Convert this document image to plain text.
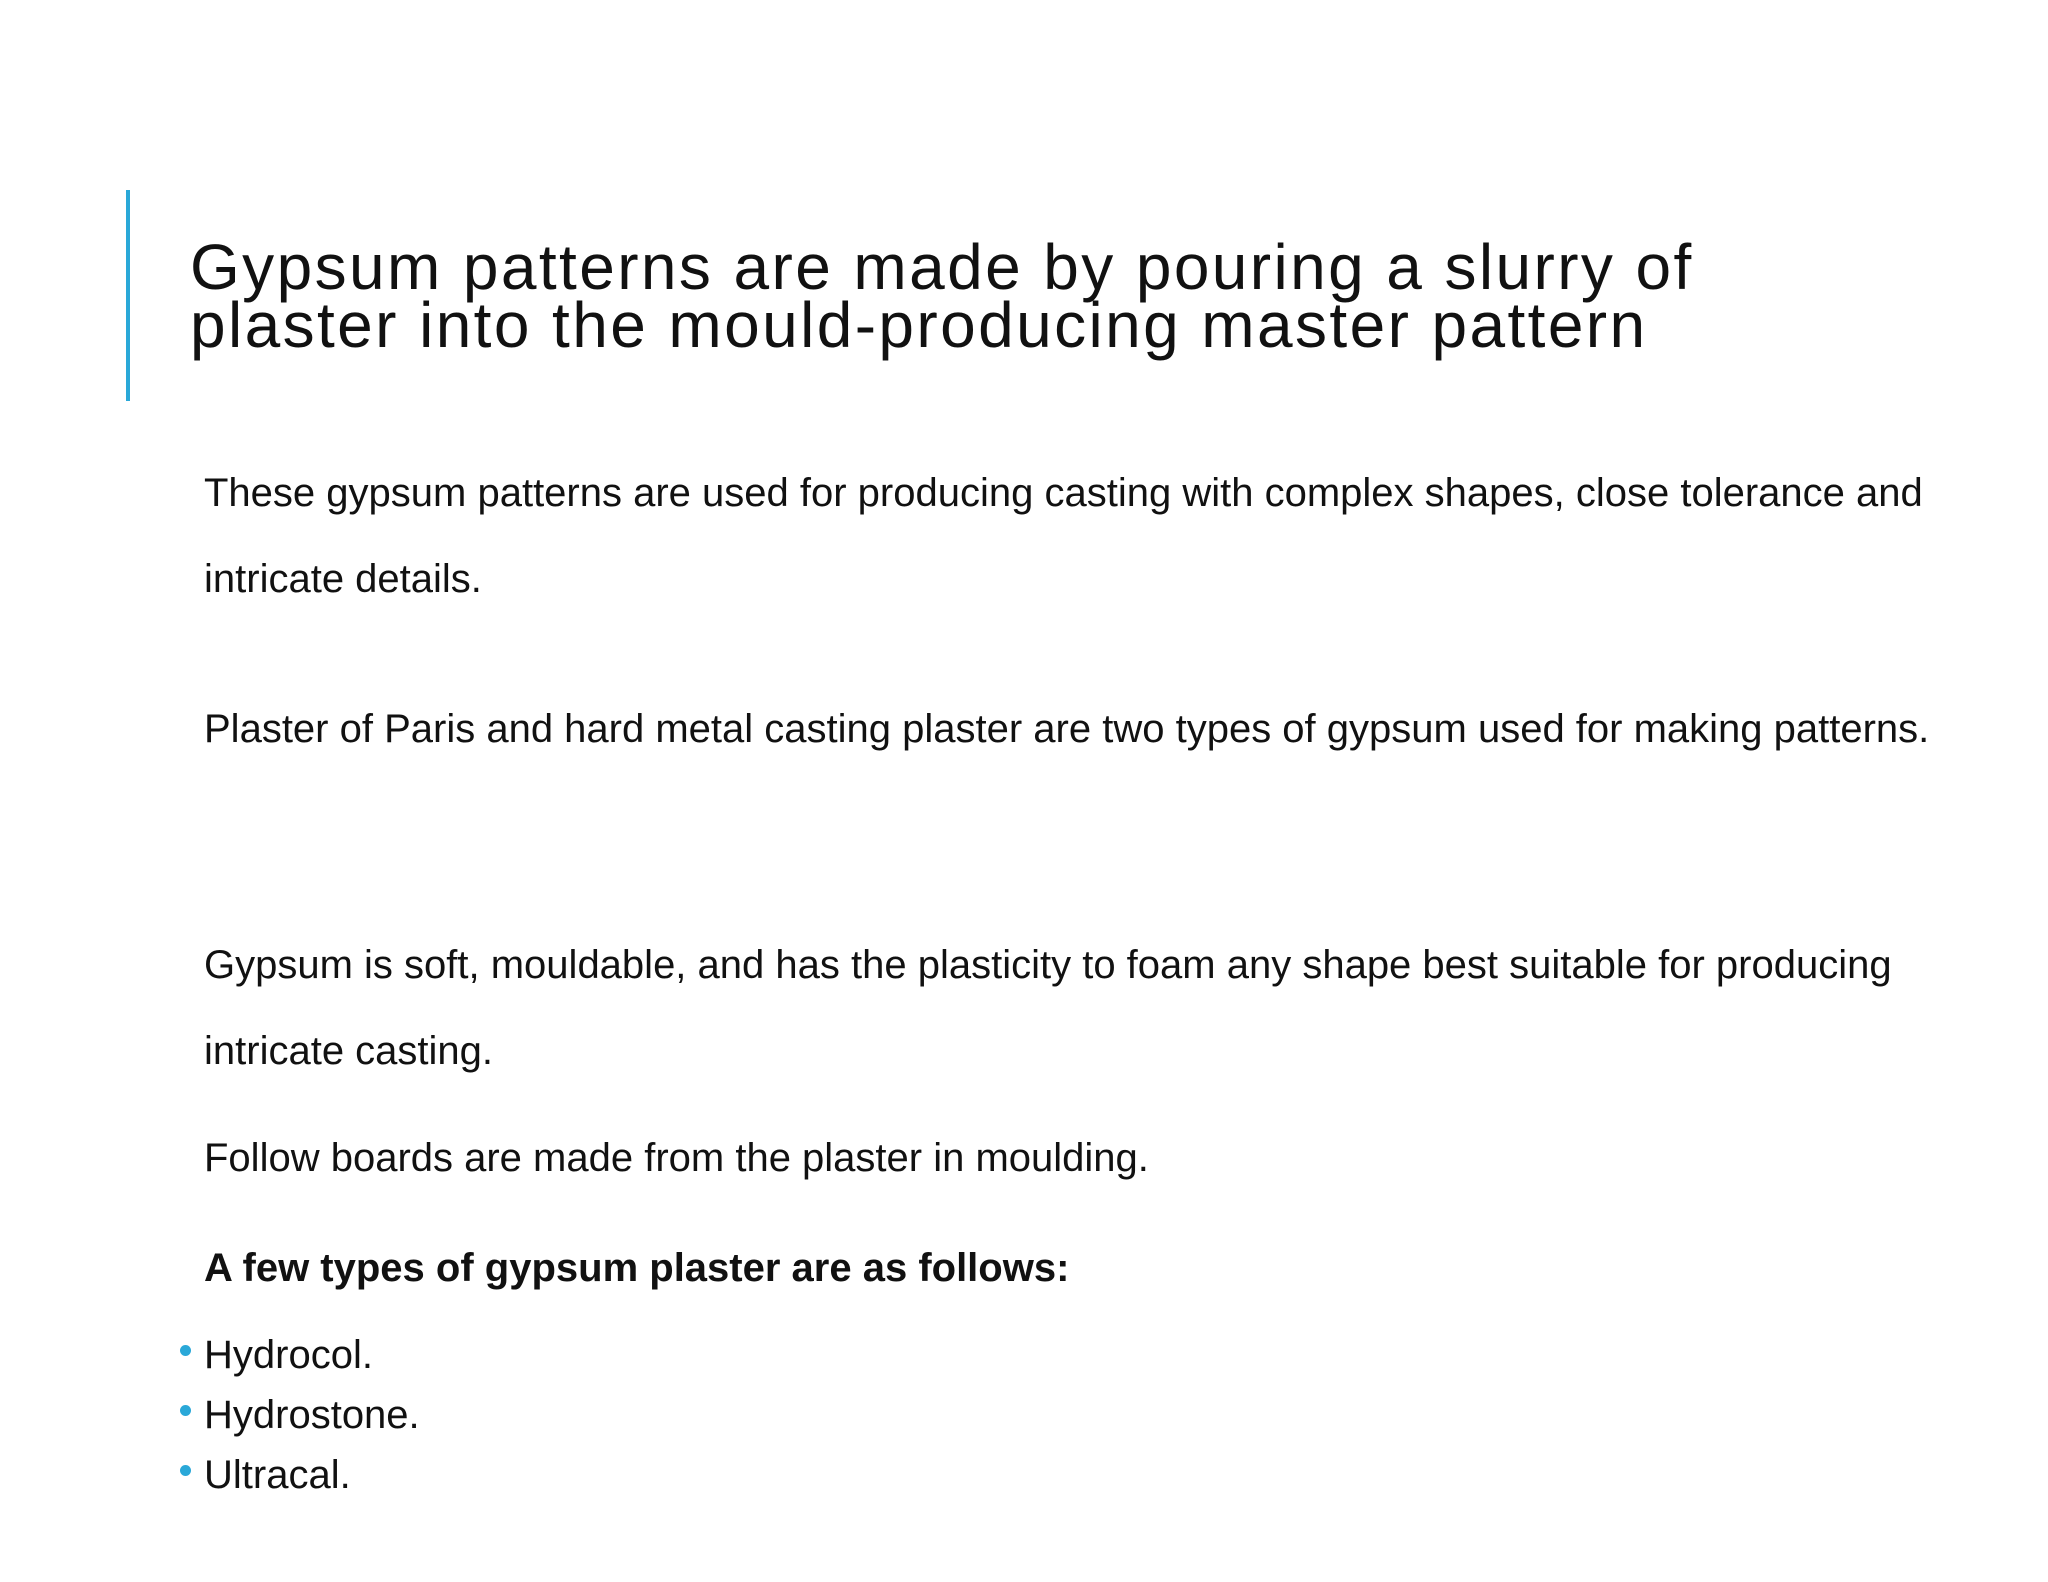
Gypsum patterns are made by pouring a slurry of
plaster into the mould-producing master pattern

These gypsum patterns are used for producing casting with complex shapes, close tolerance and intricate details.

Plaster of Paris and hard metal casting plaster are two types of gypsum used for making patterns.

Gypsum is soft, mouldable, and has the plasticity to foam any shape best suitable for producing intricate casting.

Follow boards are made from the plaster in moulding.

A few types of gypsum plaster are as follows:

Hydrocol.
Hydrostone.
Ultracal.
